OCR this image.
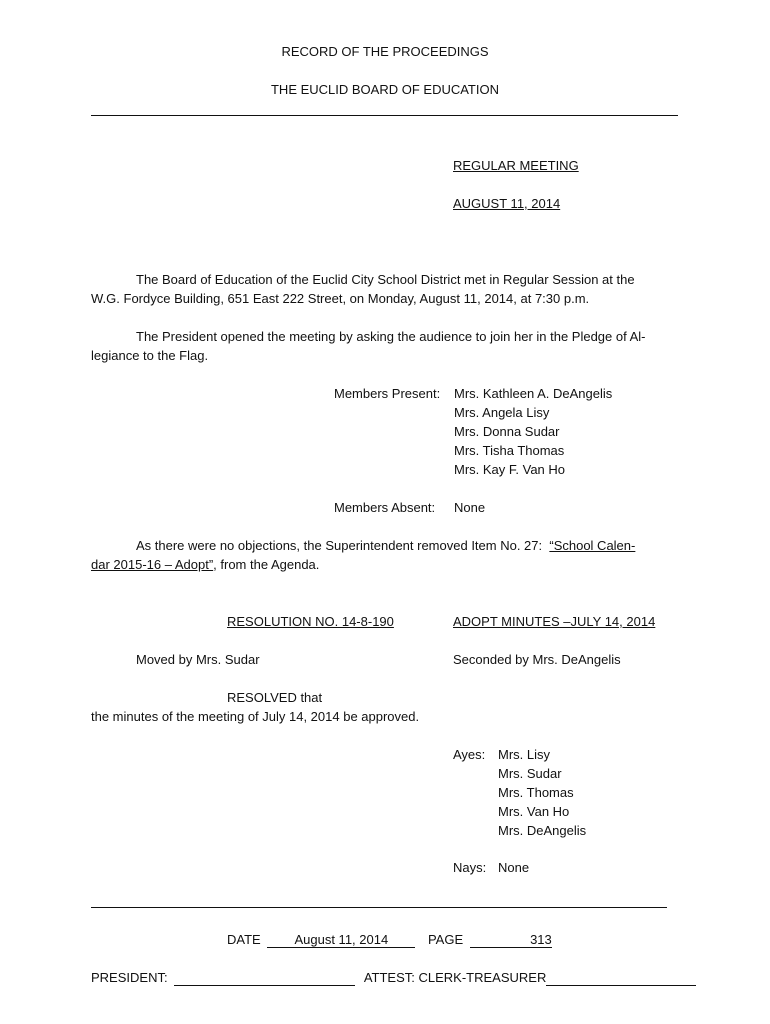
RECORD OF THE PROCEEDINGS
THE EUCLID BOARD OF EDUCATION
REGULAR MEETING
AUGUST 11, 2014
The Board of Education of the Euclid City School District met in Regular Session at the
W.G. Fordyce Building, 651 East 222 Street, on Monday, August 11, 2014, at 7:30 p.m.
The President opened the meeting by asking the audience to join her in the Pledge of Al-
legiance to the Flag.
Members Present: Mrs. Kathleen A. DeAngelis
Mrs. Angela Lisy
Mrs. Donna Sudar
Mrs. Tisha Thomas
Mrs. Kay F. Van Ho
Members Absent: None
As there were no objections, the Superintendent removed Item No. 27: “School Calen-
dar 2015-16 – Adopt”, from the Agenda.
RESOLUTION NO. 14-8-190	ADOPT MINUTES –JULY 14, 2014
Moved by Mrs. Sudar	Seconded by Mrs. DeAngelis
RESOLVED that
the minutes of the meeting of July 14, 2014 be approved.
Ayes: Mrs. Lisy
Mrs. Sudar
Mrs. Thomas
Mrs. Van Ho
Mrs. DeAngelis
Nays: None
DATE	August 11, 2014	PAGE	313
PRESIDENT:	ATTEST: CLERK-TREASURER
